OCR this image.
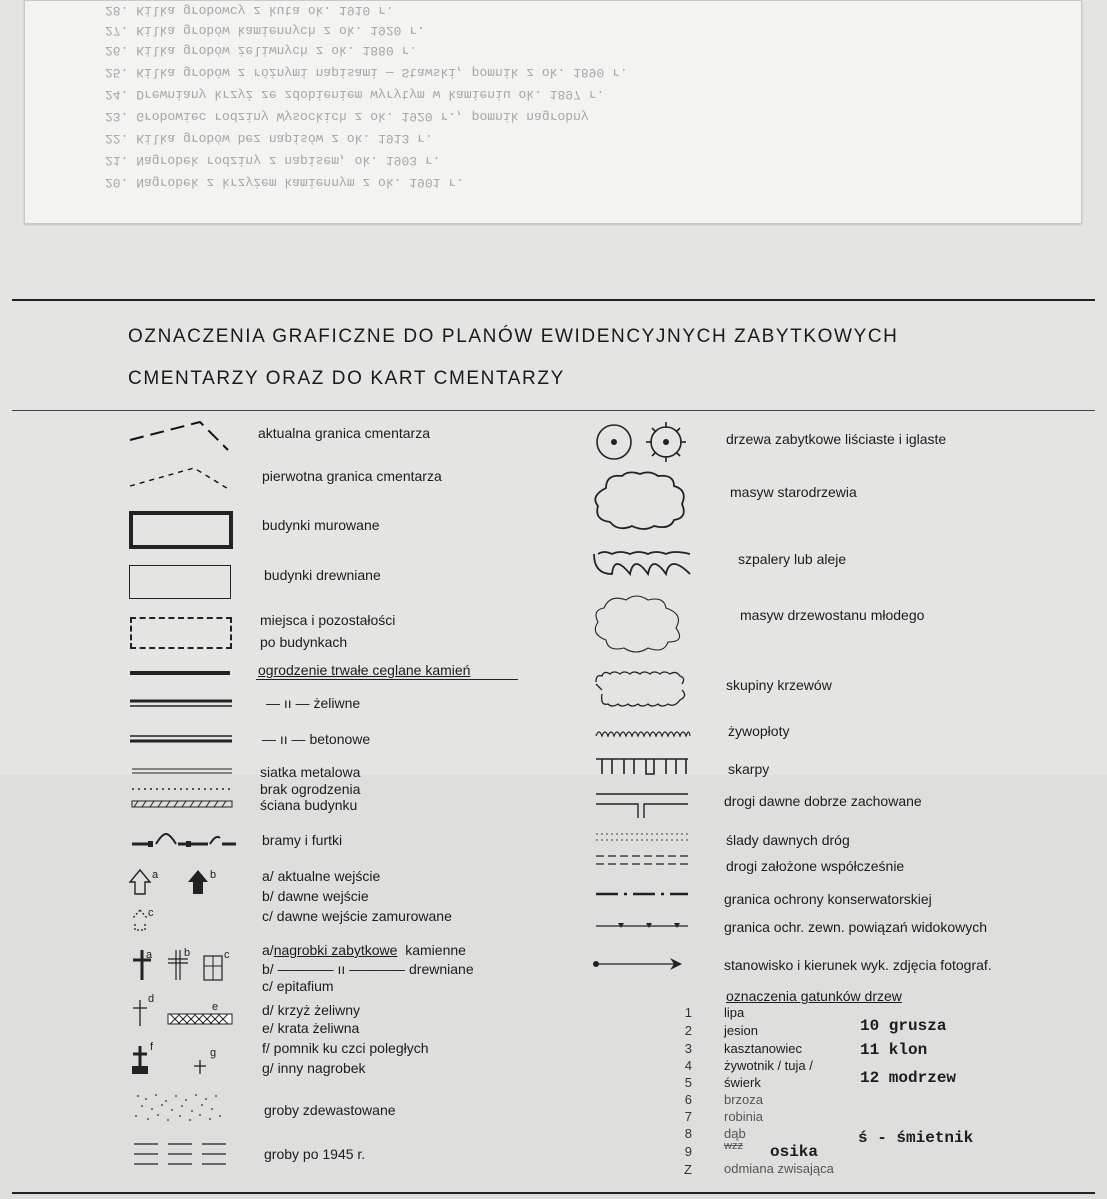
28. Kilka grobowcy z kuta ok. 1910 r.
27. Kilka grobów kamiennych z ok. 1920 r.
26. Kilka grobów żeliwnych z ok. 1880 r.
25. Kilka grobów z różnymi napisami — Stawski, pomnik z ok. 1890 r.
24. Drewniany krzyż ze zdobieniem wyrytym w kamieniu ok. 1897 r.
23. Grobowiec rodziny Wysockich z ok. 1920 r., pomnik nagrobny
22. Kilka grobów bez napisów z ok. 1913 r.
21. Nagrobek rodziny z napisem, ok. 1903 r.
20. Nagrobek z krzyżem kamiennym z ok. 1901 r.
OZNACZENIA GRAFICZNE DO PLANÓW EWIDENCYJNYCH ZABYTKOWYCH
CMENTARZY ORAZ DO KART CMENTARZY
aktualna granica cmentarza
pierwotna granica cmentarza
budynki murowane
budynki drewniane
miejsca i pozostałości
po budynkach
ogrodzenie trwałe ceglane kamień
— ıı — żeliwne
— ıı — betonowe
siatka metalowa
brak ogrodzenia
ściana budynku
bramy i furtki
a	b
c
a/ aktualne wejście
b/ dawne wejście
c/ dawne wejście zamurowane
a	b	c a/nagrobki zabytkowe kamienne
b/ ———— ıı ———— drewniane
c/ epitafium
d
e	d/ krzyż żeliwny
e/ krata żeliwna
f	g	f/ pomnik ku czci poległych
g/ inny nagrobek
groby zdewastowane
groby po 1945 r.
drzewa zabytkowe liściaste i iglaste
masyw starodrzewia
szpalery lub aleje
masyw drzewostanu młodego
skupiny krzewów
żywopłoty
skarpy
drogi dawne dobrze zachowane
ślady dawnych dróg
drogi założone współcześnie
granica ochrony konserwatorskiej
granica ochr. zewn. powiązań widokowych
stanowisko i kierunek wyk. zdjęcia fotograf.
oznaczenia gatunków drzew
1 lipa
2 jesion
3 kasztanowiec
4 żywotnik / tuja /
5 świerk
6 brzoza
7 robinia
8 dąb
9	wzz osika
Z odmiana zwisająca
10 grusza
11 klon
12 modrzew
ś - śmietnik
